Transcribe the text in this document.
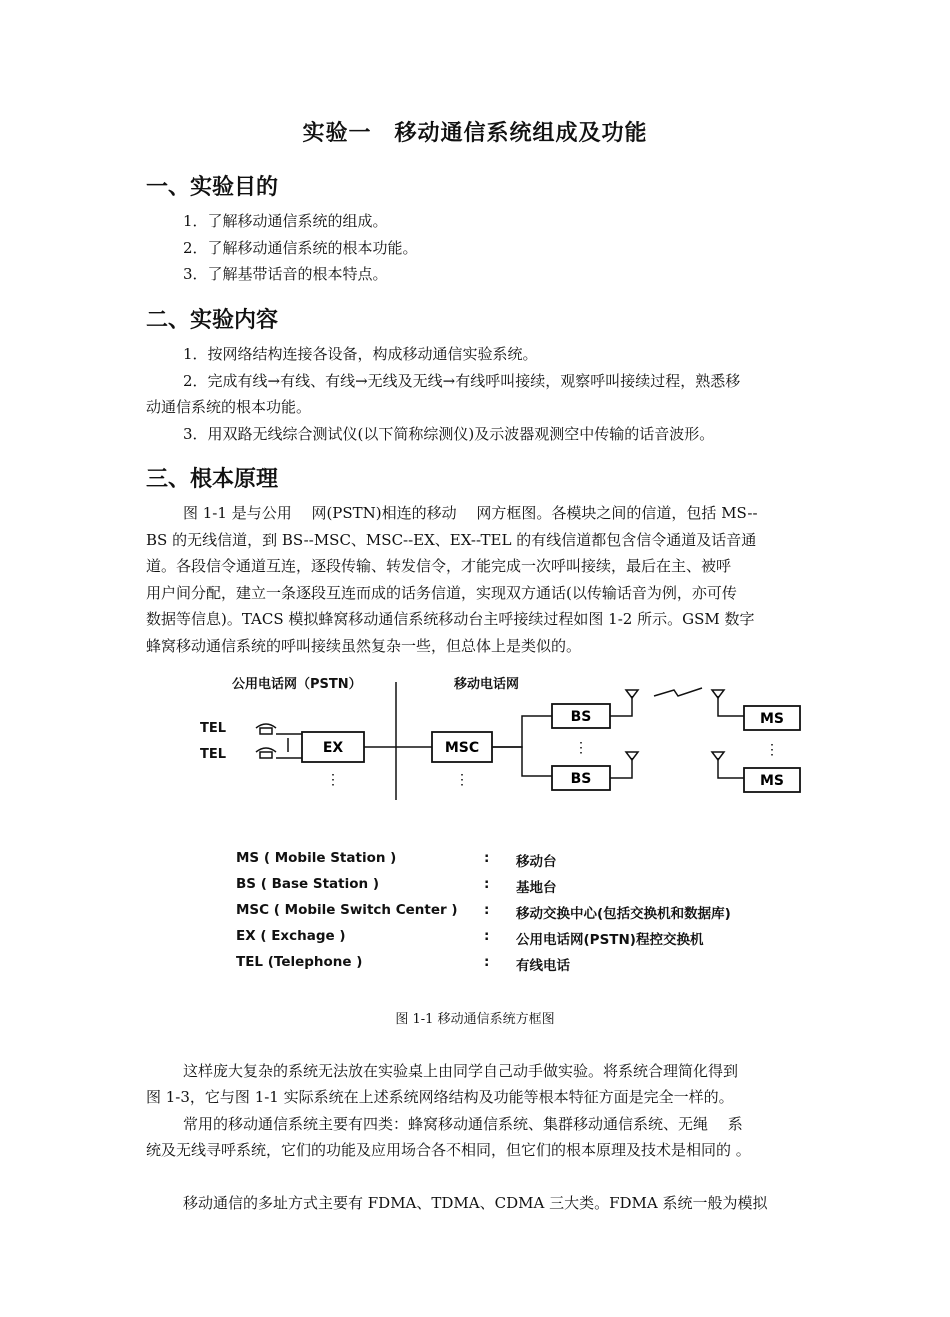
实验一　移动通信系统组成及功能
一、实验目的
1．了解移动通信系统的组成。
2．了解移动通信系统的根本功能。
3．了解基带话音的根本特点。
二、实验内容
1．按网络结构连接各设备，构成移动通信实验系统。
2．完成有线→有线、有线→无线及无线→有线呼叫接续，观察呼叫接续过程，熟悉移
动通信系统的根本功能。
3．用双路无线综合测试仪(以下简称综测仪)及示波器观测空中传输的话音波形。
三、根本原理
图 1-1 是与公用　 网(PSTN)相连的移动　 网方框图。各模块之间的信道，包括 MS--
BS 的无线信道，到 BS--MSC、MSC--EX、EX--TEL 的有线信道都包含信令通道及话音通
道。各段信令通道互连，逐段传输、转发信令，才能完成一次呼叫接续，最后在主、被呼
用户间分配，建立一条逐段互连而成的话务信道，实现双方通话(以传输话音为例，亦可传
数据等信息)。TACS 模拟蜂窝移动通信系统移动台主呼接续过程如图 1-2 所示。GSM 数字
蜂窝移动通信系统的呼叫接续虽然复杂一些，但总体上是类似的。
公用电话网（PSTN）	移动电话网
TEL
TEL	EX
⋮
MSC
⋮
BS
⋮
BS
MS
⋮
MS
MS ( Mobile Station )	: 移动台
BS ( Base Station )	: 基地台
MSC ( Mobile Switch Center ) : 移动交换中心(包括交换机和数据库)
EX ( Exchage )	: 公用电话网(PSTN)程控交换机
TEL (Telephone )	: 有线电话
图 1-1 移动通信系统方框图
这样庞大复杂的系统无法放在实验桌上由同学自己动手做实验。将系统合理简化得到
图 1-3，它与图 1-1 实际系统在上述系统网络结构及功能等根本特征方面是完全一样的。
常用的移动通信系统主要有四类：蜂窝移动通信系统、集群移动通信系统、无绳　 系
统及无线寻呼系统，它们的功能及应用场合各不相同，但它们的根本原理及技术是相同的 。
移动通信的多址方式主要有 FDMA、TDMA、CDMA 三大类。FDMA 系统一般为模拟
